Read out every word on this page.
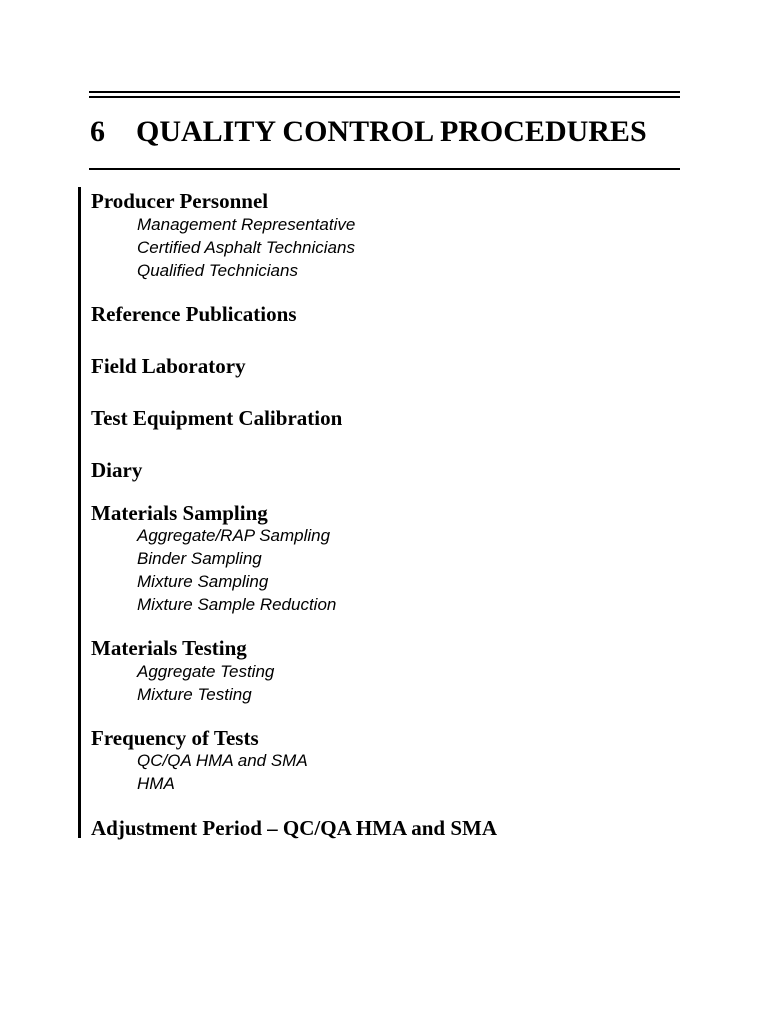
6 QUALITY CONTROL PROCEDURES
Producer Personnel

Management Representative

Certified Asphalt Technicians

Qualified Technicians

Reference Publications
Field Laboratory
Test Equipment Calibration
Diary
Materials Sampling

Aggregate/RAP Sampling

Binder Sampling

Mixture Sampling

Mixture Sample Reduction

Materials Testing

Aggregate Testing

Mixture Testing

Frequency of Tests

QC/QA HMA and SMA

HMA

Adjustment Period – QC/QA HMA and SMA
